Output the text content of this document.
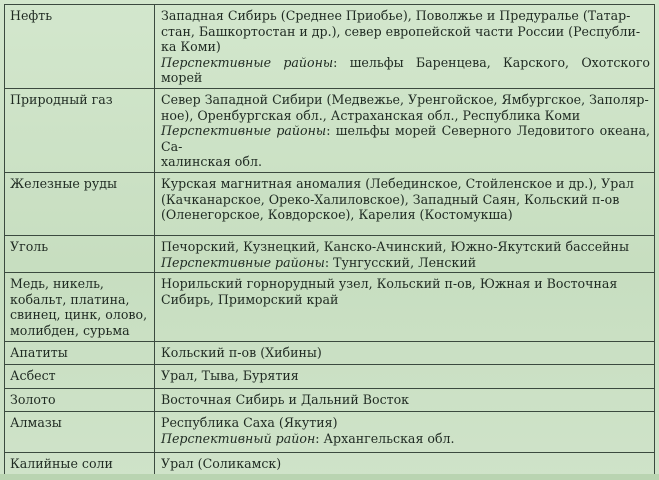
Нефть	Западная Сибирь (Среднее Приобье), Поволжье и Предуралье (Татар-
стан, Башкортостан и др.), север европейской части России (Республи-
ка Коми)
Перспективные районы: шельфы Баренцева, Карского, Охотского морей

Природный газ	Север Западной Сибири (Медвежье, Уренгойское, Ямбургское, Заполяр-
ное), Оренбургская обл., Астраханская обл., Республика Коми
Перспективные районы: шельфы морей Северного Ледовитого океана, Са-
халинская обл.

Железные руды	Курская магнитная аномалия (Лебединское, Стойленское и др.), Урал
(Качканарское, Ореко-Халиловское), Западный Саян, Кольский п-ов
(Оленегорское, Ковдорское), Карелия (Костомукша)

Уголь	Печорский, Кузнецкий, Канско-Ачинский, Южно-Якутский бассейны
Перспективные районы: Тунгусский, Ленский

Медь, никель,
кобальт, платина,
свинец, цинк, олово,
молибден, сурьма	Норильский горнорудный узел, Кольский п-ов, Южная и Восточная
Сибирь, Приморский край

Апатиты	Кольский п-ов (Хибины)

Асбест	Урал, Тыва, Бурятия

Золото	Восточная Сибирь и Дальний Восток

Алмазы	Республика Саха (Якутия)
Перспективный район: Архангельская обл.

Калийные соли	Урал (Соликамск)
